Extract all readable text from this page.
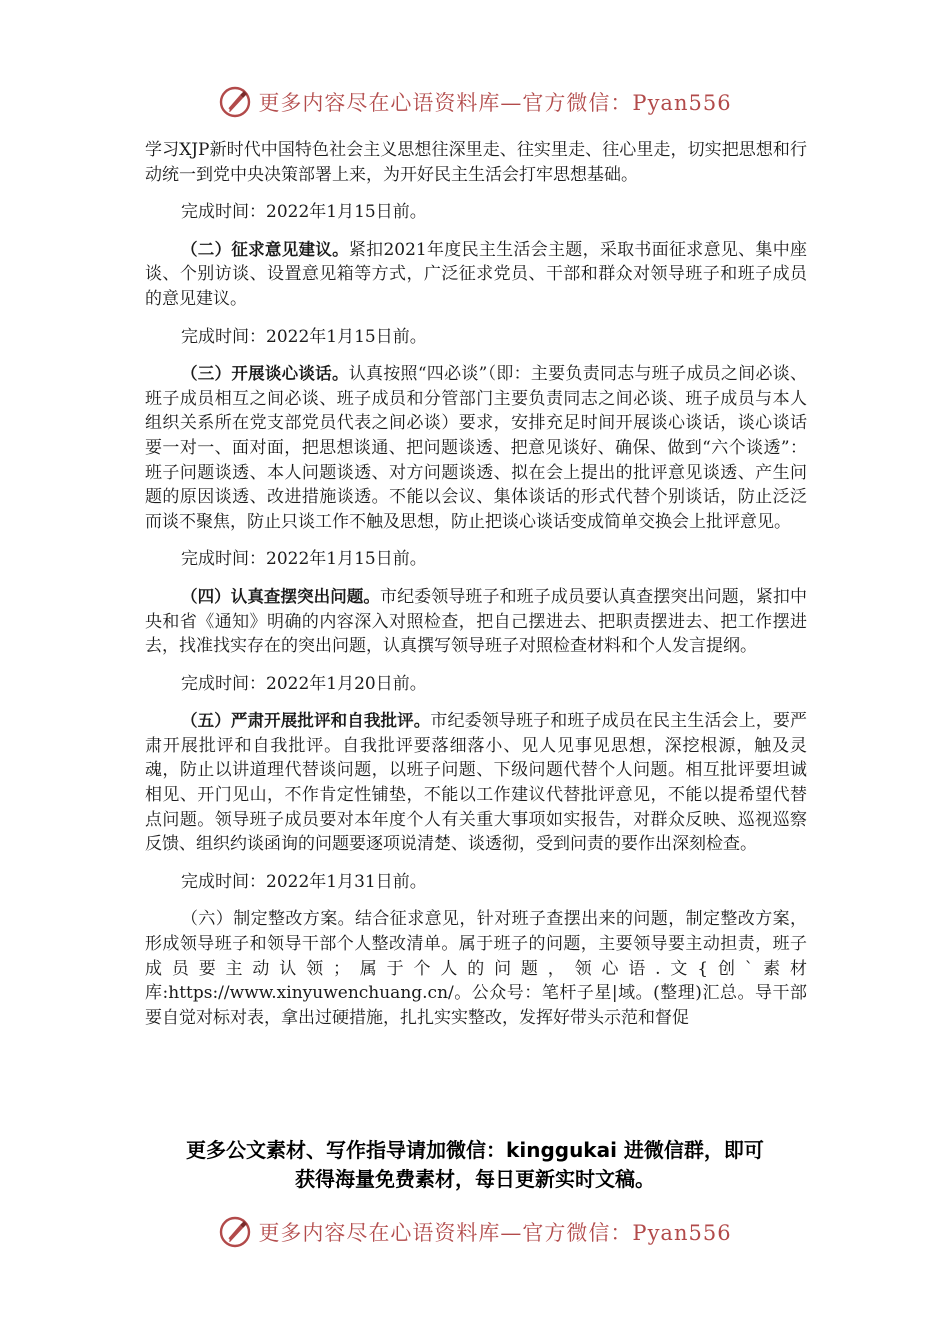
更多内容尽在心语资料库—官方微信：Pyan556

学习XJP新时代中国特色社会主义思想往深里走、往实里走、往心里走，切实把思想和行动统一到党中央决策部署上来，为开好民主生活会打牢思想基础。

完成时间：2022年1月15日前。

（二）征求意见建议。紧扣2021年度民主生活会主题，采取书面征求意见、集中座谈、个别访谈、设置意见箱等方式，广泛征求党员、干部和群众对领导班子和班子成员的意见建议。

完成时间：2022年1月15日前。

（三）开展谈心谈话。认真按照“四必谈”（即：主要负责同志与班子成员之间必谈、班子成员相互之间必谈、班子成员和分管部门主要负责同志之间必谈、班子成员与本人组织关系所在党支部党员代表之间必谈）要求，安排充足时间开展谈心谈话，谈心谈话要一对一、面对面，把思想谈通、把问题谈透、把意见谈好、确保、做到“六个谈透”：班子问题谈透、本人问题谈透、对方问题谈透、拟在会上提出的批评意见谈透、产生问题的原因谈透、改进措施谈透。不能以会议、集体谈话的形式代替个别谈话，防止泛泛而谈不聚焦，防止只谈工作不触及思想，防止把谈心谈话变成简单交换会上批评意见。

完成时间：2022年1月15日前。

（四）认真查摆突出问题。市纪委领导班子和班子成员要认真查摆突出问题，紧扣中央和省《通知》明确的内容深入对照检查，把自己摆进去、把职责摆进去、把工作摆进去，找准找实存在的突出问题，认真撰写领导班子对照检查材料和个人发言提纲。

完成时间：2022年1月20日前。

（五）严肃开展批评和自我批评。市纪委领导班子和班子成员在民主生活会上，要严肃开展批评和自我批评。自我批评要落细落小、见人见事见思想，深挖根源，触及灵魂，防止以讲道理代替谈问题，以班子问题、下级问题代替个人问题。相互批评要坦诚相见、开门见山，不作肯定性铺垫，不能以工作建议代替批评意见，不能以提希望代替点问题。领导班子成员要对本年度个人有关重大事项如实报告，对群众反映、巡视巡察反馈、组织约谈函询的问题要逐项说清楚、谈透彻，受到问责的要作出深刻检查。

完成时间：2022年1月31日前。

（六）制定整改方案。结合征求意见，针对班子查摆出来的问题，制定整改方案，形成领导班子和领导干部个人整改清单。属于班子的问题，主要领导要主动担责，班子成员要主动认领；属于个人的问题，领心语.文{创`素材库:https://www.xinyuwenchuang.cn/。公众号：笔杆子星|域。(整理)汇总。导干部要自觉对标对表，拿出过硬措施，扎扎实实整改，发挥好带头示范和督促

更多公文素材、写作指导请加微信：kinggukai 进微信群，即可
获得海量免费素材，每日更新实时文稿。
更多内容尽在心语资料库—官方微信：Pyan556
